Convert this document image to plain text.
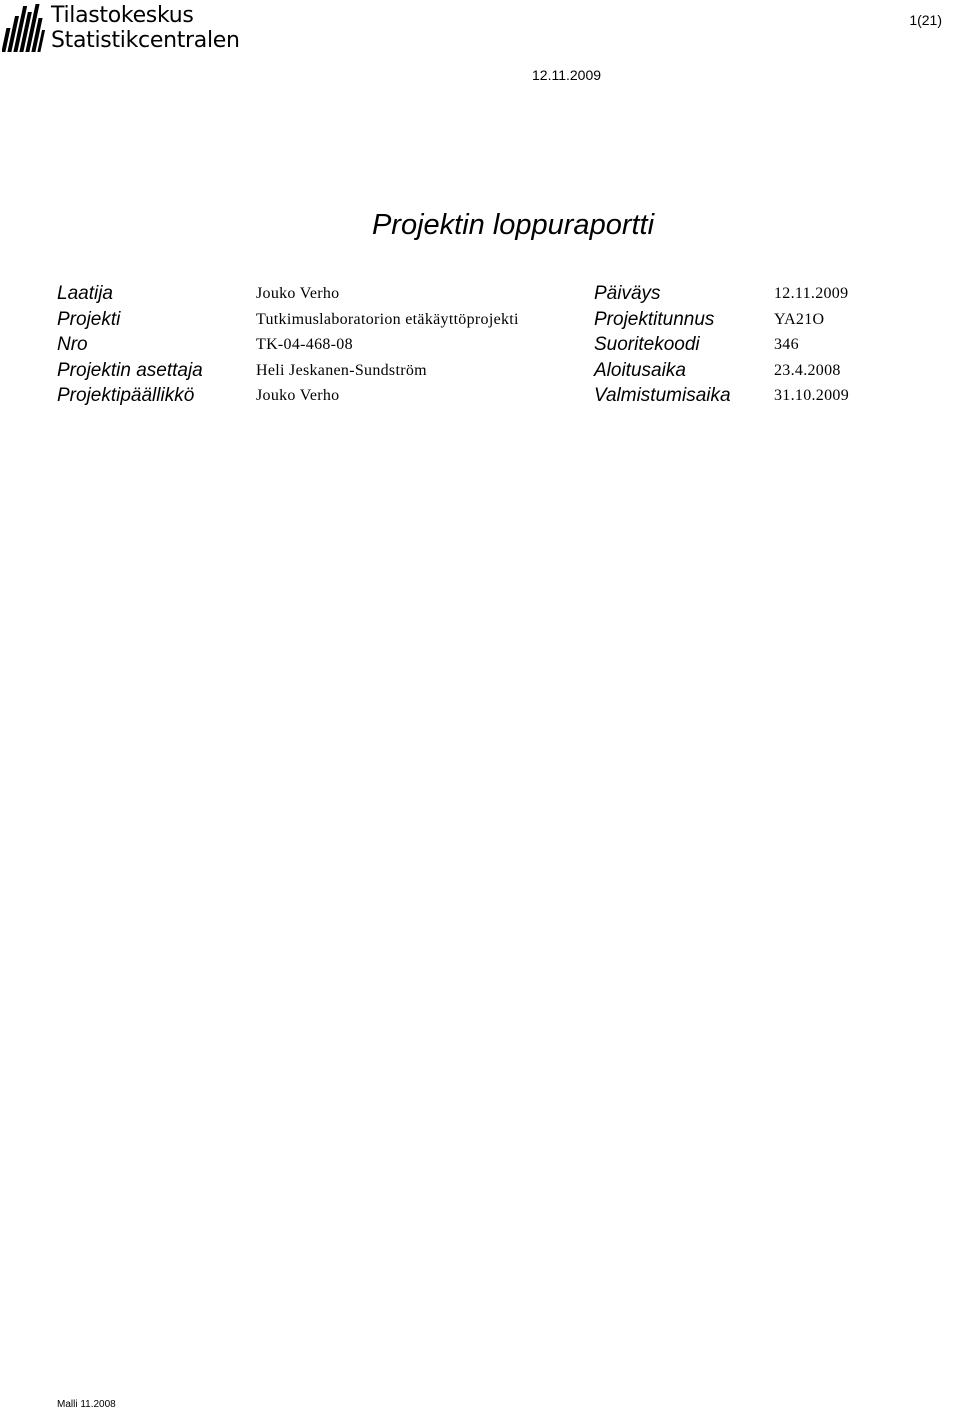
Tilastokeskus
Statistikcentralen
1(21)
12.11.2009
Projektin loppuraportti
Laatija	Jouko Verho	Päiväys	12.11.2009
Projekti	Tutkimuslaboratorion etäkäyttöprojekti	Projektitunnus	YA21O
Nro	TK-04-468-08	Suoritekoodi	346
Projektin asettaja	Heli Jeskanen-Sundström	Aloitusaika	23.4.2008
Projektipäällikkö	Jouko Verho	Valmistumisaika	31.10.2009
Malli 11.2008
